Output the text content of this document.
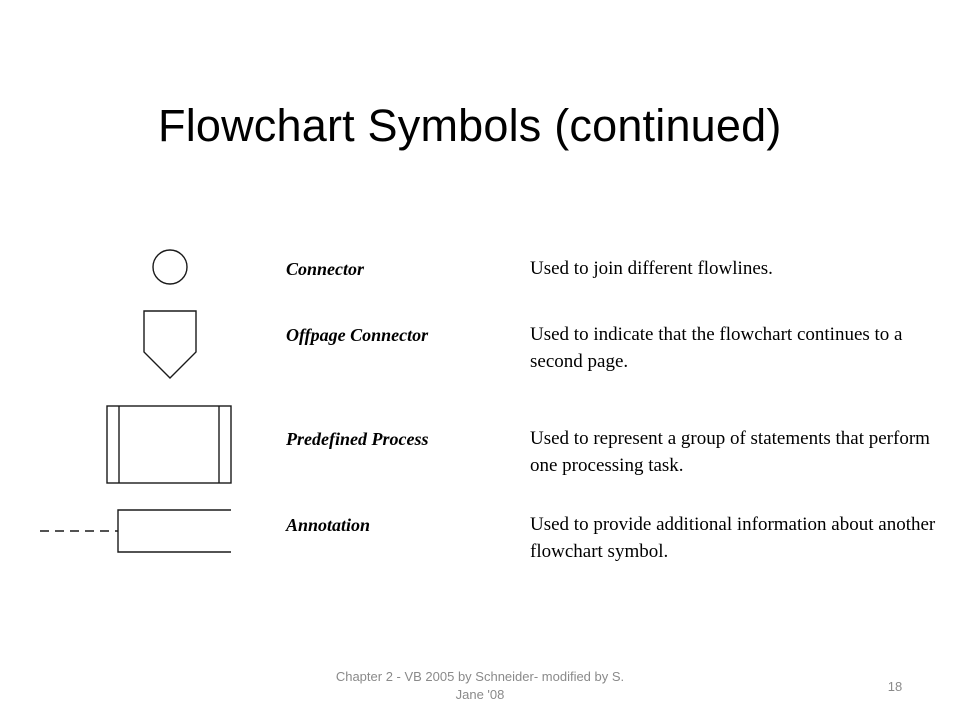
Flowchart Symbols (continued)
Connector	Used to join different flowlines.
Offpage Connector	Used to indicate that the flowchart continues to a second page.
Predefined Process	Used to represent a group of statements that perform one processing task.
Annotation	Used to provide additional information about another flowchart symbol.
Chapter 2 - VB 2005 by Schneider- modified by S. Jane '08
18
